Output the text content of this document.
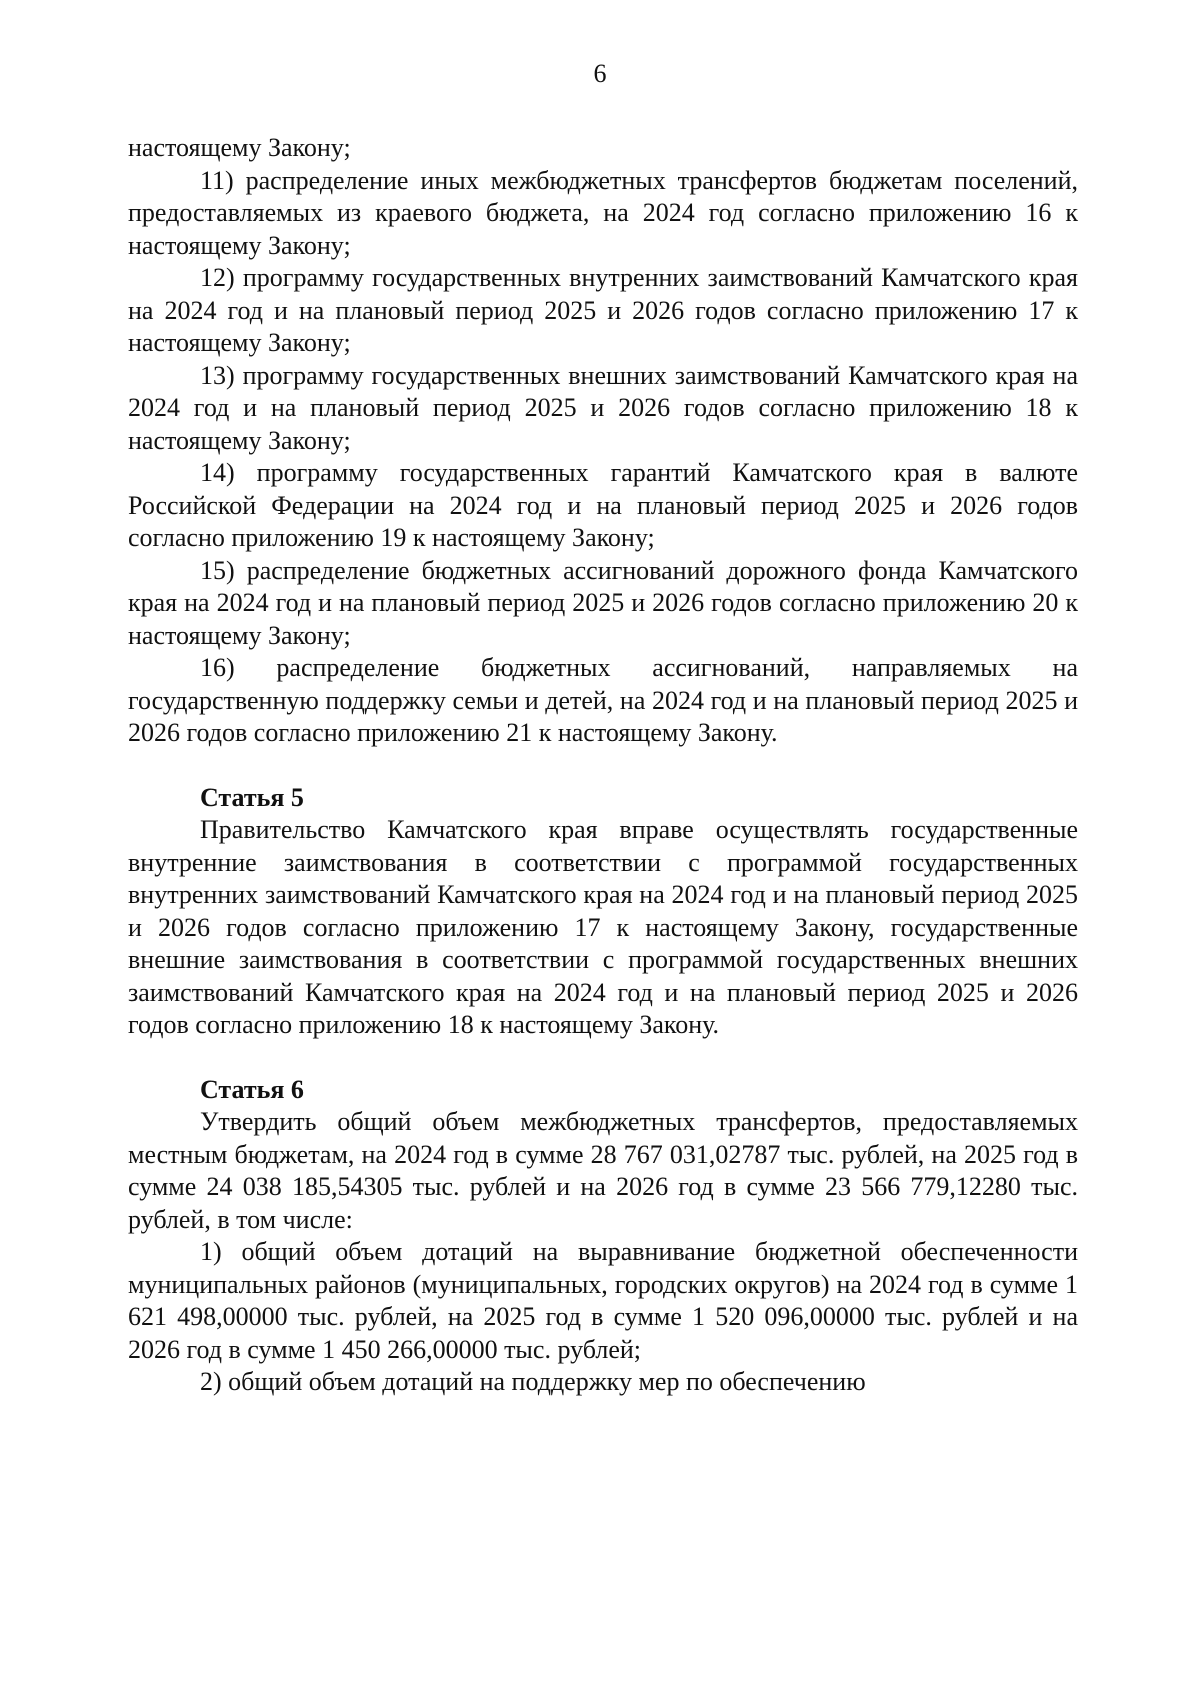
6

настоящему Закону;

11) распределение иных межбюджетных трансфертов бюджетам поселений, предоставляемых из краевого бюджета, на 2024 год согласно приложению 16 к настоящему Закону;

12) программу государственных внутренних заимствований Камчатского края на 2024 год и на плановый период 2025 и 2026 годов согласно приложению 17 к настоящему Закону;

13) программу государственных внешних заимствований Камчатского края на 2024 год и на плановый период 2025 и 2026 годов согласно приложению 18 к настоящему Закону;

14) программу государственных гарантий Камчатского края в валюте Российской Федерации на 2024 год и на плановый период 2025 и 2026 годов согласно приложению 19 к настоящему Закону;

15) распределение бюджетных ассигнований дорожного фонда Камчатского края на 2024 год и на плановый период 2025 и 2026 годов согласно приложению 20 к настоящему Закону;

16) распределение бюджетных ассигнований, направляемых на государственную поддержку семьи и детей, на 2024 год и на плановый период 2025 и 2026 годов согласно приложению 21 к настоящему Закону.

Статья 5

Правительство Камчатского края вправе осуществлять государственные внутренние заимствования в соответствии с программой государственных внутренних заимствований Камчатского края на 2024 год и на плановый период 2025 и 2026 годов согласно приложению 17 к настоящему Закону, государственные внешние заимствования в соответствии с программой государственных внешних заимствований Камчатского края на 2024 год и на плановый период 2025 и 2026 годов согласно приложению 18 к настоящему Закону.

Статья 6

Утвердить общий объем межбюджетных трансфертов, предоставляемых местным бюджетам, на 2024 год в сумме 28 767 031,02787 тыс. рублей, на 2025 год в сумме 24 038 185,54305 тыс. рублей и на 2026 год в сумме 23 566 779,12280 тыс. рублей, в том числе:

1) общий объем дотаций на выравнивание бюджетной обеспеченности муниципальных районов (муниципальных, городских округов) на 2024 год в сумме 1 621 498,00000 тыс. рублей, на 2025 год в сумме 1 520 096,00000 тыс. рублей и на 2026 год в сумме 1 450 266,00000 тыс. рублей;

2) общий объем дотаций на поддержку мер по обеспечению
